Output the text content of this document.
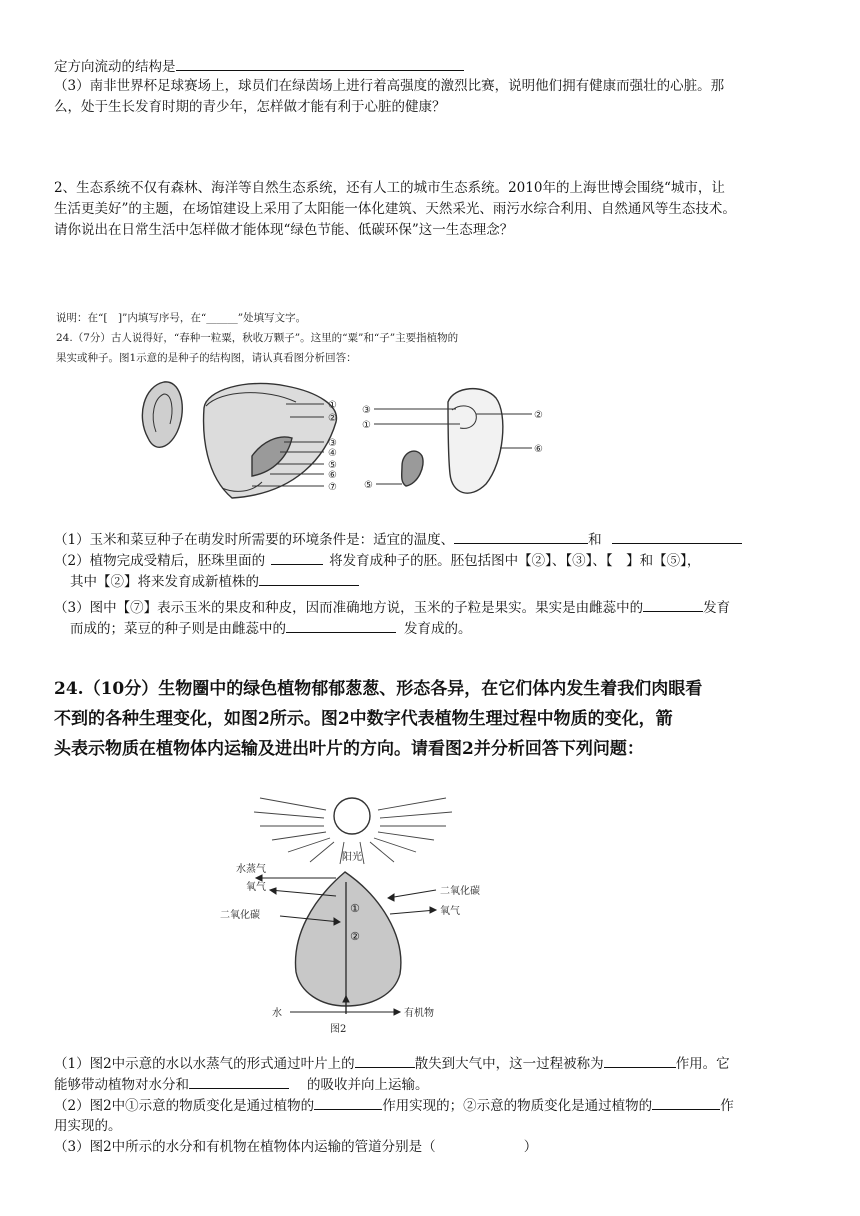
定方向流动的结构是
（3）南非世界杯足球赛场上，球员们在绿茵场上进行着高强度的激烈比赛，说明他们拥有健康而强壮的心脏。那
么，处于生长发育时期的青少年，怎样做才能有利于心脏的健康？
2、生态系统不仅有森林、海洋等自然生态系统，还有人工的城市生态系统。2010年的上海世博会围绕“城市，让
生活更美好”的主题，在场馆建设上采用了太阳能一体化建筑、天然采光、雨污水综合利用、自然通风等生态技术。
请你说出在日常生活中怎样做才能体现“绿色节能、低碳环保”这一生态理念？
说明：在“[　]”内填写序号，在“______”处填写文字。
24.（7分）古人说得好，“春种一粒粟，秋收万颗子”。这里的“粟”和“子”主要指植物的
果实或种子。图1示意的是种子的结构图，请认真看图分析回答：
①
②
③
④
⑤
⑥
⑦
③
①
②
⑥
⑤
（1）玉米和菜豆种子在萌发时所需要的环境条件是：适宜的温度、	和
（2）植物完成受精后，胚珠里面的	将发育成种子的胚。胚包括图中【②】、【③】、【　】和【⑤】，
其中【②】将来发育成新植株的
（3）图中【⑦】表示玉米的果皮和种皮，因而准确地方说，玉米的子粒是果实。果实是由雌蕊中的	发育
而成的；菜豆的种子则是由雌蕊中的	发育成的。
24.（10分）生物圈中的绿色植物郁郁葱葱、形态各异，在它们体内发生着我们肉眼看
不到的各种生理变化，如图2所示。图2中数字代表植物生理过程中物质的变化，箭
头表示物质在植物体内运输及进出叶片的方向。请看图2并分析回答下列问题：
阳光
①
②
水蒸气
氧气
二氧化碳
二氧化碳
氧气
水	有机物
图2
（1）图2中示意的水以水蒸气的形式通过叶片上的	散失到大气中，这一过程被称为	作用。它
能够带动植物对水分和	的吸收并向上运输。
（2）图2中①示意的物质变化是通过植物的	作用实现的；②示意的物质变化是通过植物的	作
用实现的。
（3）图2中所示的水分和有机物在植物体内运输的管道分别是（	）
